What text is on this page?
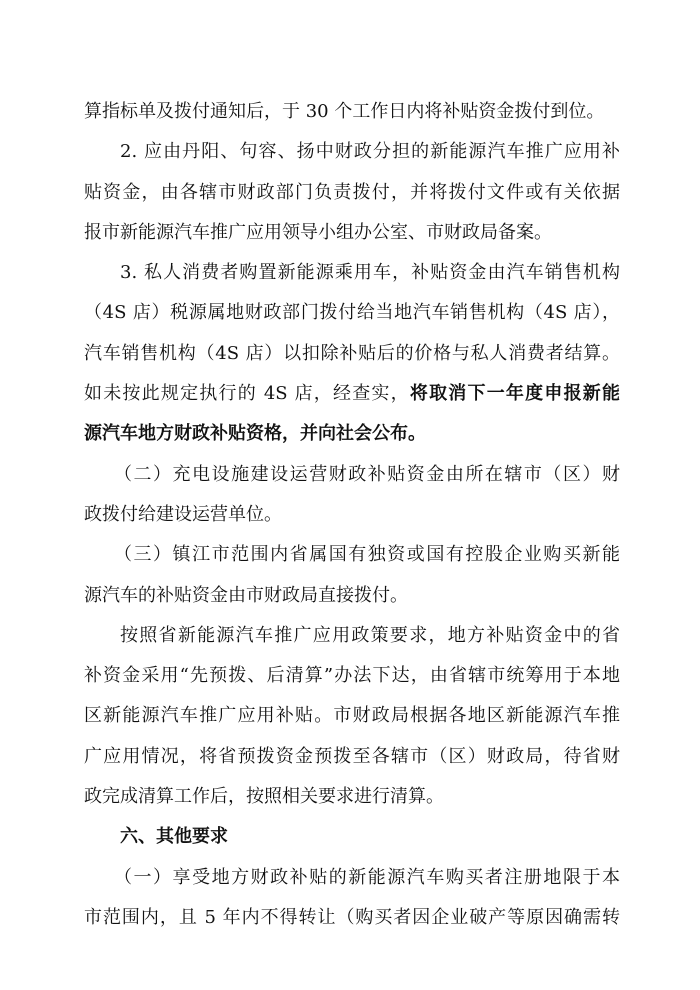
算指标单及拨付通知后，于 30 个工作日内将补贴资金拨付到位。
2. 应由丹阳、句容、扬中财政分担的新能源汽车推广应用补
贴资金，由各辖市财政部门负责拨付，并将拨付文件或有关依据
报市新能源汽车推广应用领导小组办公室、市财政局备案。
3. 私人消费者购置新能源乘用车，补贴资金由汽车销售机构
（4S 店）税源属地财政部门拨付给当地汽车销售机构（4S 店），
汽车销售机构（4S 店）以扣除补贴后的价格与私人消费者结算。
如未按此规定执行的 4S 店，经查实，将取消下一年度申报新能
源汽车地方财政补贴资格，并向社会公布。
（二）充电设施建设运营财政补贴资金由所在辖市（区）财
政拨付给建设运营单位。
（三）镇江市范围内省属国有独资或国有控股企业购买新能
源汽车的补贴资金由市财政局直接拨付。
按照省新能源汽车推广应用政策要求，地方补贴资金中的省
补资金采用“先预拨、后清算”办法下达，由省辖市统筹用于本地
区新能源汽车推广应用补贴。市财政局根据各地区新能源汽车推
广应用情况，将省预拨资金预拨至各辖市（区）财政局，待省财
政完成清算工作后，按照相关要求进行清算。
六、其他要求
（一）享受地方财政补贴的新能源汽车购买者注册地限于本
市范围内，且 5 年内不得转让（购买者因企业破产等原因确需转
